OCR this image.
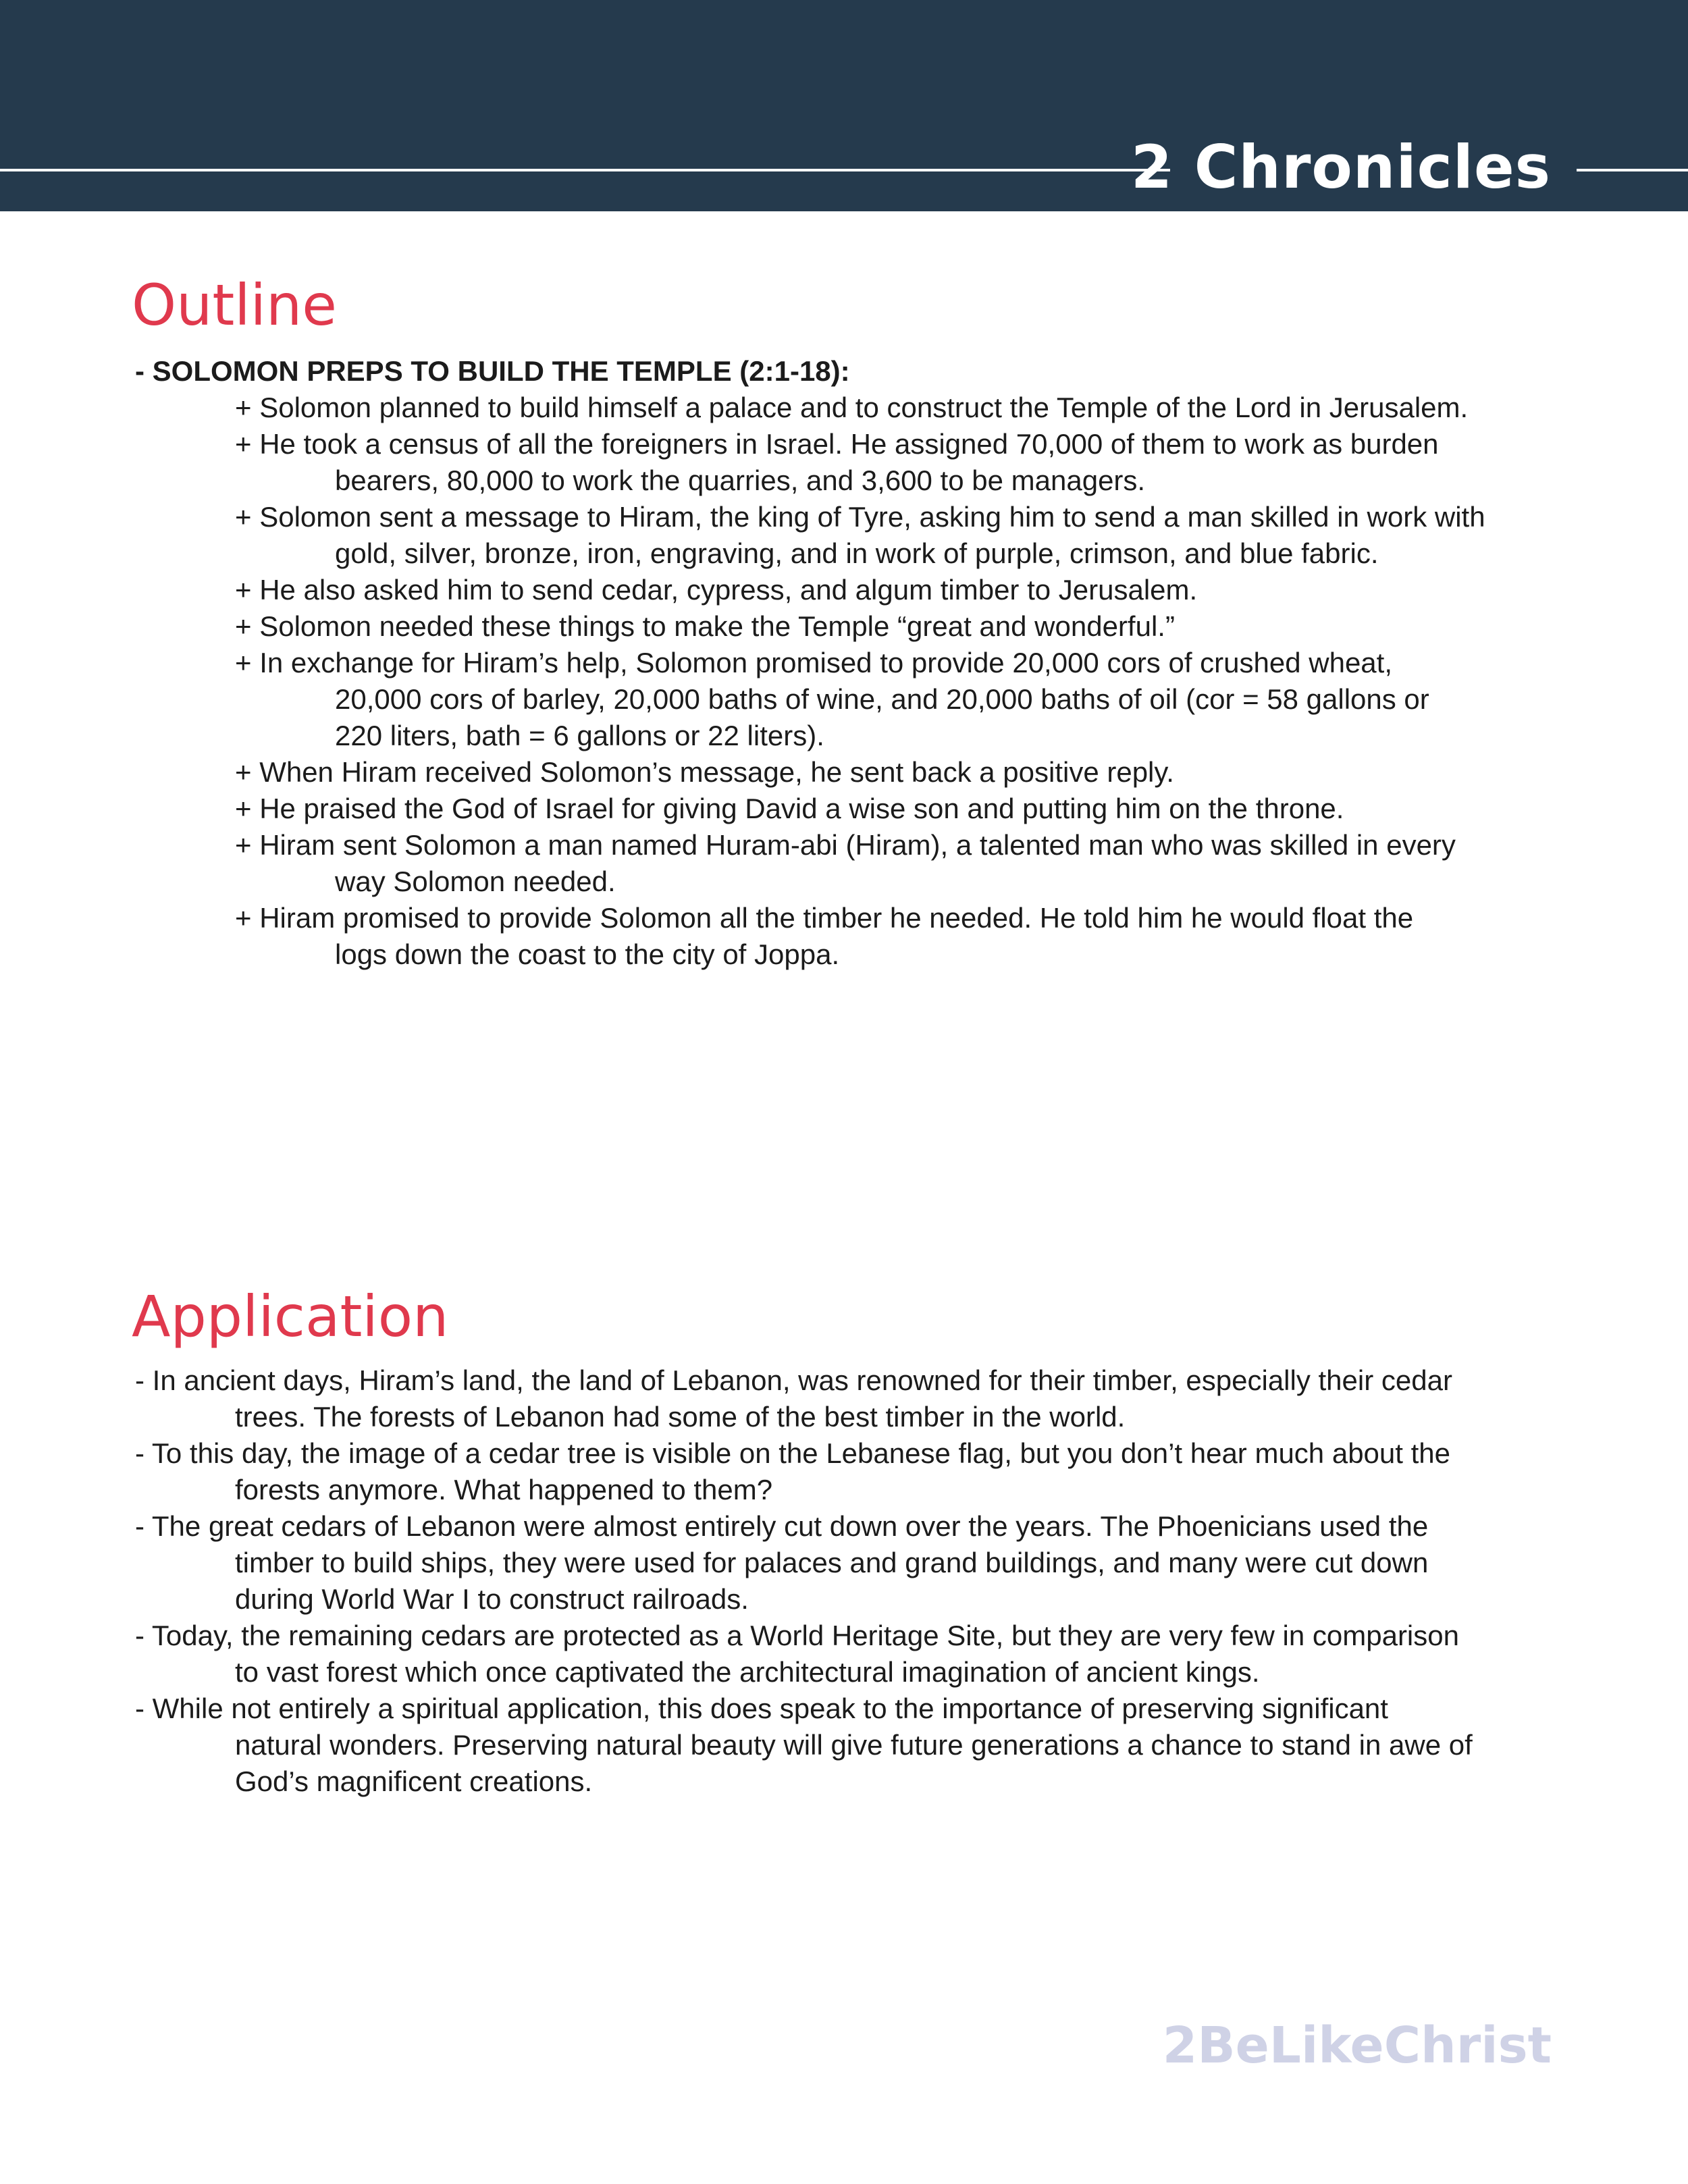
2 Chronicles
Outline
- SOLOMON PREPS TO BUILD THE TEMPLE (2:1-18):
+ Solomon planned to build himself a palace and to construct the Temple of the Lord in Jerusalem.
+ He took a census of all the foreigners in Israel. He assigned 70,000 of them to work as burden
bearers, 80,000 to work the quarries, and 3,600 to be managers.
+ Solomon sent a message to Hiram, the king of Tyre, asking him to send a man skilled in work with
gold, silver, bronze, iron, engraving, and in work of purple, crimson, and blue fabric.
+ He also asked him to send cedar, cypress, and algum timber to Jerusalem.
+ Solomon needed these things to make the Temple “great and wonderful.”
+ In exchange for Hiram’s help, Solomon promised to provide 20,000 cors of crushed wheat,
20,000 cors of barley, 20,000 baths of wine, and 20,000 baths of oil (cor = 58 gallons or
220 liters, bath = 6 gallons or 22 liters).
+ When Hiram received Solomon’s message, he sent back a positive reply.
+ He praised the God of Israel for giving David a wise son and putting him on the throne.
+ Hiram sent Solomon a man named Huram-abi (Hiram), a talented man who was skilled in every
way Solomon needed.
+ Hiram promised to provide Solomon all the timber he needed. He told him he would float the
logs down the coast to the city of Joppa.
Application
- In ancient days, Hiram’s land, the land of Lebanon, was renowned for their timber, especially their cedar
trees. The forests of Lebanon had some of the best timber in the world.
- To this day, the image of a cedar tree is visible on the Lebanese flag, but you don’t hear much about the
forests anymore. What happened to them?
- The great cedars of Lebanon were almost entirely cut down over the years. The Phoenicians used the
timber to build ships, they were used for palaces and grand buildings, and many were cut down
during World War I to construct railroads.
- Today, the remaining cedars are protected as a World Heritage Site, but they are very few in comparison
to vast forest which once captivated the architectural imagination of ancient kings.
- While not entirely a spiritual application, this does speak to the importance of preserving significant
natural wonders. Preserving natural beauty will give future generations a chance to stand in awe of
God’s magnificent creations.
2BeLikeChrist
